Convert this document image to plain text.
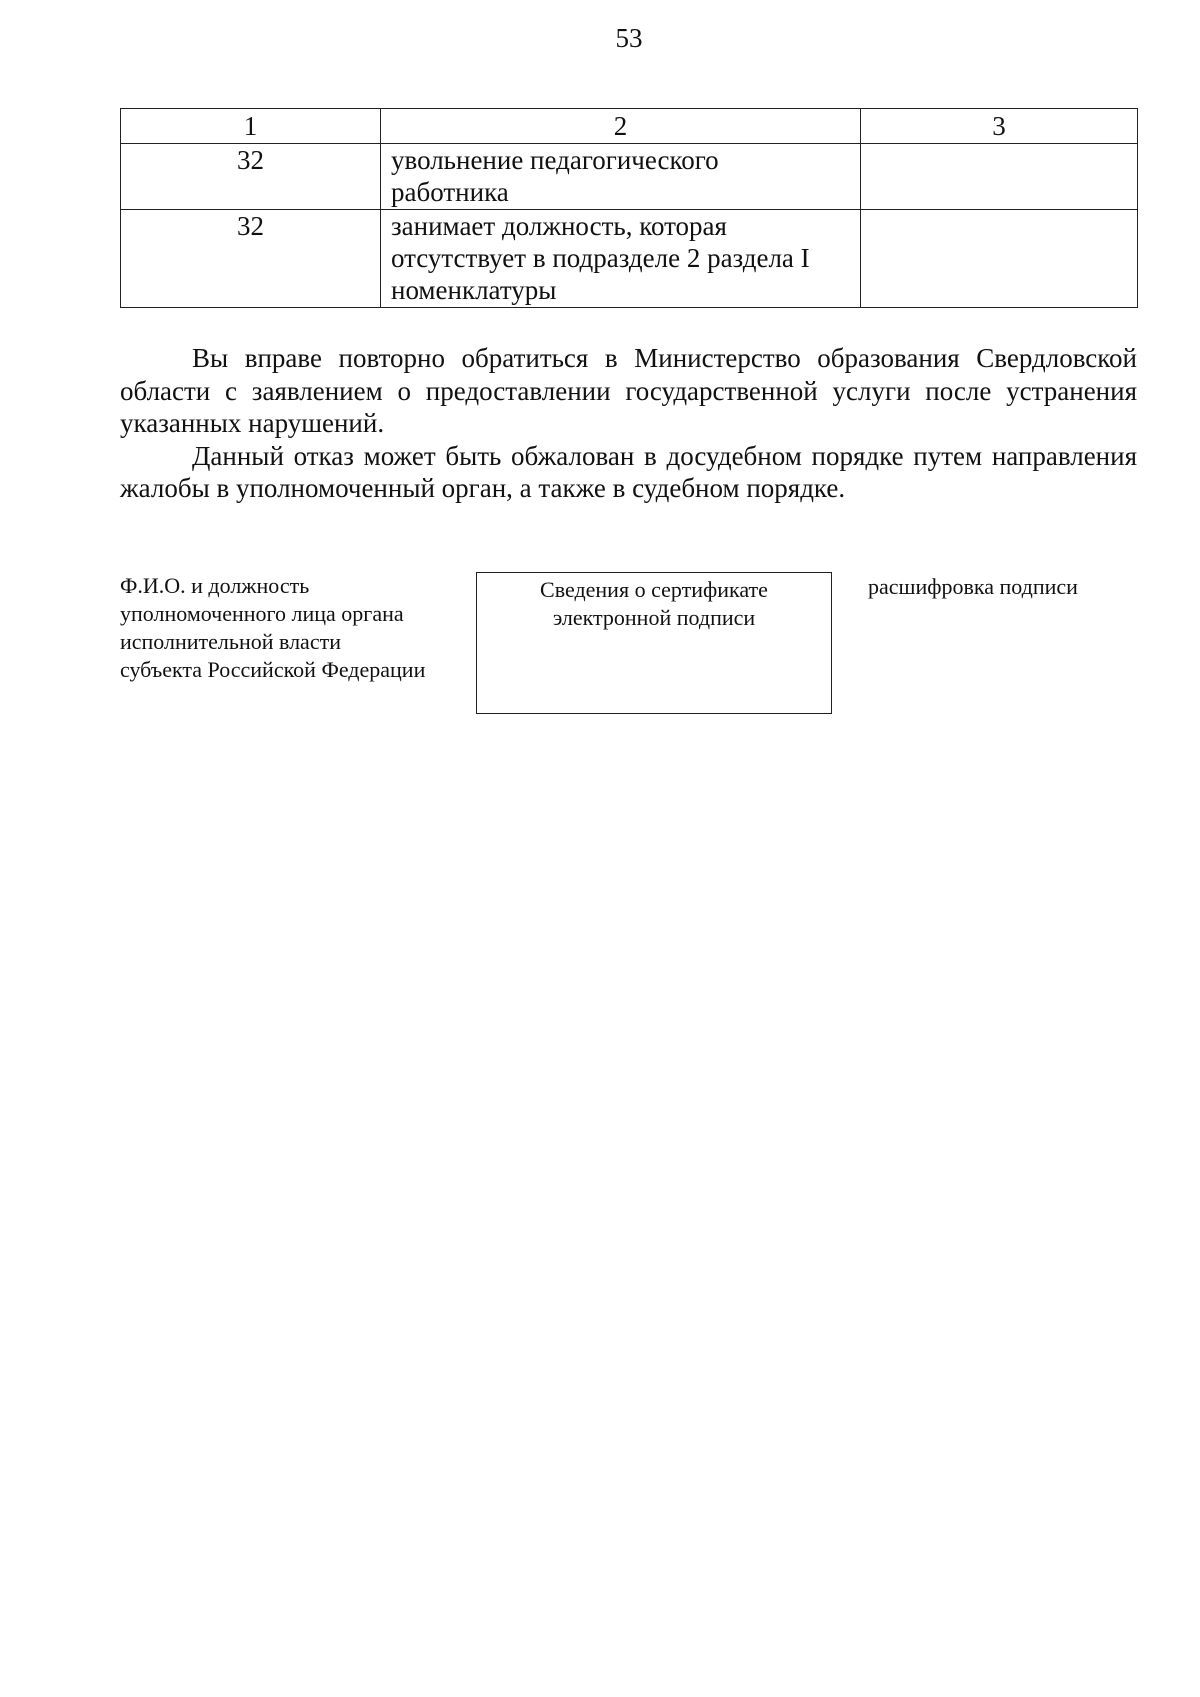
53
1	2	3
32	увольнение педагогического
работника	

32	занимает должность, которая
отсутствует в подразделе 2 раздела I
номенклатуры	

Вы вправе повторно обратиться в Министерство образования Свердловской области с заявлением о предоставлении государственной услуги после устранения указанных нарушений.

Данный отказ может быть обжалован в досудебном порядке путем направления жалобы в уполномоченный орган, а также в судебном порядке.

Ф.И.О. и должность
уполномоченного лица органа
исполнительной власти
субъекта Российской Федерации
Сведения о сертификате
электронной подписи
расшифровка подписи
